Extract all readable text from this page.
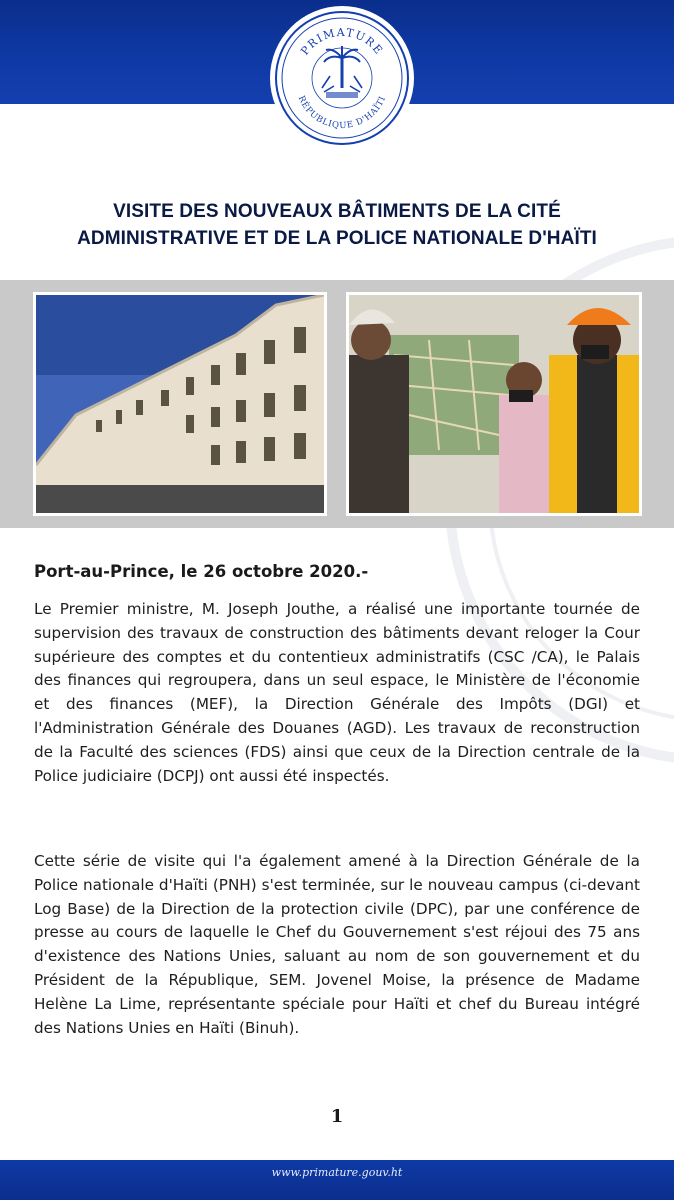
PRIMATURE
RÉPUBLIQUE D'HAÏTI
VISITE DES NOUVEAUX BÂTIMENTS DE LA CITÉ
ADMINISTRATIVE ET DE LA POLICE NATIONALE D'HAÏTI
Port-au-Prince, le 26 octobre 2020.-

Le Premier ministre, M. Joseph Jouthe, a réalisé une importante tournée de supervision des travaux de construction des bâtiments devant reloger la Cour supérieure des comptes et du contentieux administratifs (CSC /CA), le Palais des finances qui regroupera, dans un seul espace, le Ministère de l'économie et des finances (MEF), la Direction Générale des Impôts (DGI) et l'Administration Générale des Douanes (AGD). Les travaux de reconstruction de la Faculté des sciences (FDS) ainsi que ceux de la Direction centrale de la Police judiciaire (DCPJ) ont aussi été inspectés.

Cette série de visite qui l'a également amené à la Direction Générale de la Police nationale d'Haïti (PNH) s'est terminée, sur le nouveau campus (ci-devant Log Base) de la Direction de la protection civile (DPC), par une conférence de presse au cours de laquelle le Chef du Gouvernement s'est réjoui des 75 ans d'existence des Nations Unies, saluant au nom de son gouvernement et du Président de la République, SEM. Jovenel Moise, la présence de Madame Helène La Lime, représentante spéciale pour Haïti et chef du Bureau intégré des Nations Unies en Haïti (Binuh).

1
www.primature.gouv.ht
